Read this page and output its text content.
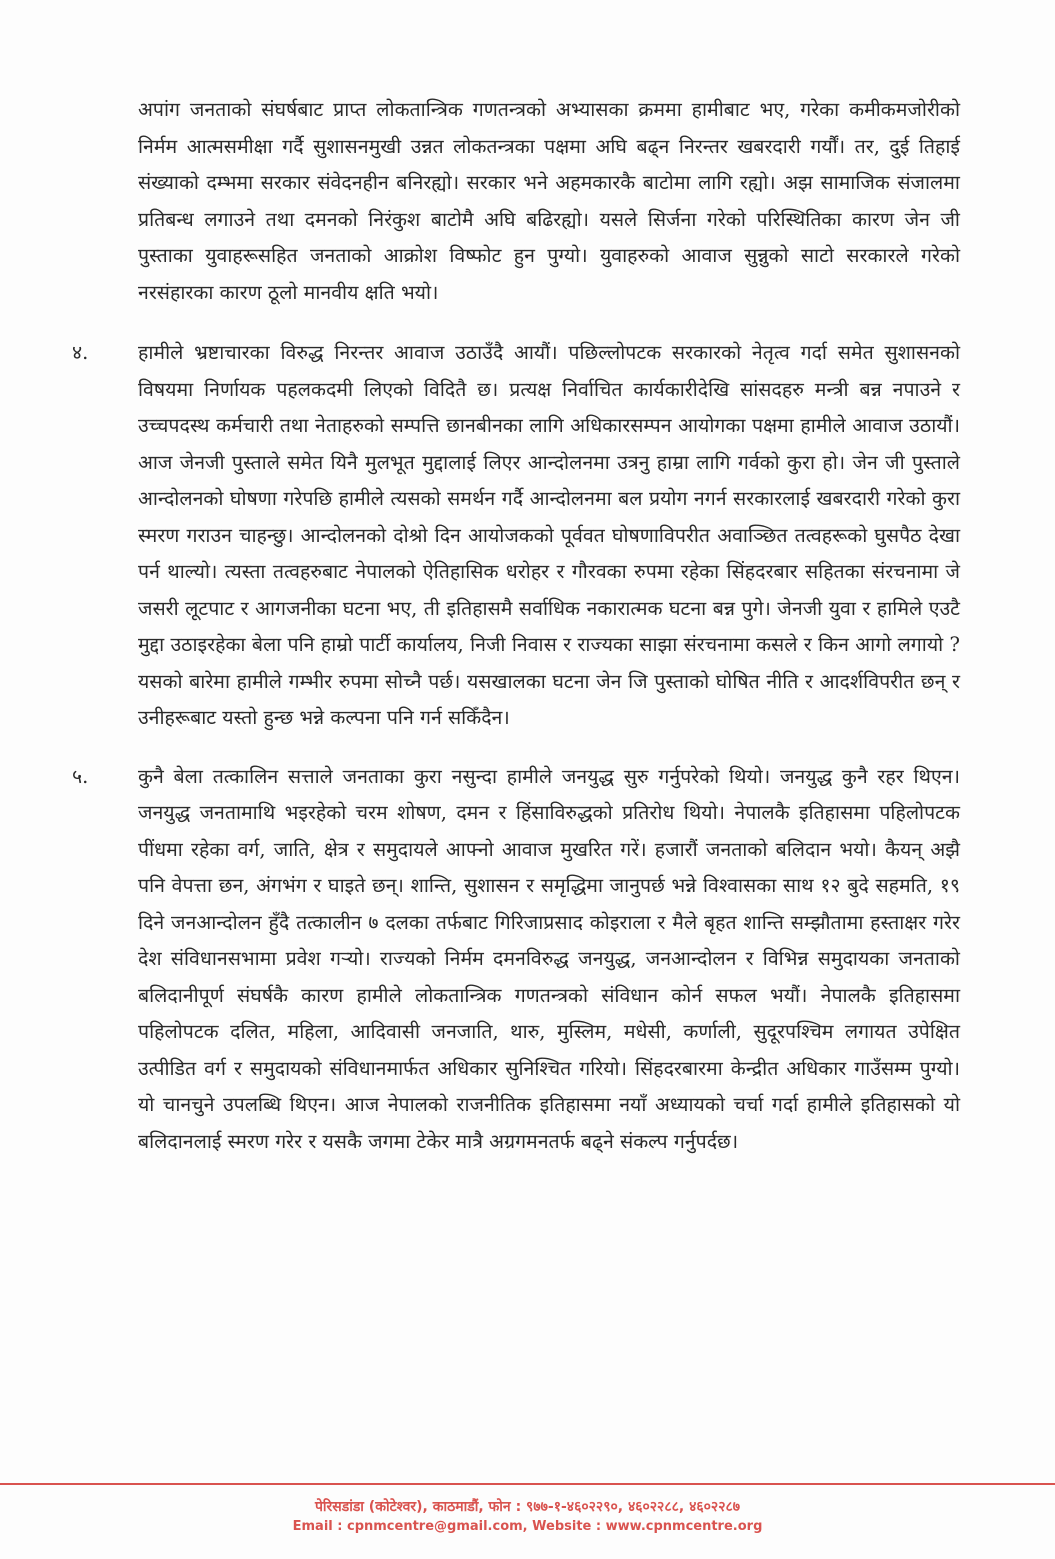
अपांग जनताको संघर्षबाट प्राप्त लोकतान्त्रिक गणतन्त्रको अभ्यासका क्रममा हामीबाट भए, गरेका कमीकमजोरीको निर्मम आत्मसमीक्षा गर्दै सुशासनमुखी उन्नत लोकतन्त्रका पक्षमा अघि बढ्न निरन्तर खबरदारी गर्यौं। तर, दुई तिहाई संख्याको दम्भमा सरकार संवेदनहीन बनिरह्यो। सरकार भने अहमकारकै बाटोमा लागि रह्यो। अझ सामाजिक संजालमा प्रतिबन्ध लगाउने तथा दमनको निरंकुश बाटोमै अघि बढिरह्यो। यसले सिर्जना गरेको परिस्थितिका कारण जेन जी पुस्ताका युवाहरूसहित जनताको आक्रोश विष्फोट हुन पुग्यो। युवाहरुको आवाज सुन्नुको साटो सरकारले गरेको नरसंहारका कारण ठूलो मानवीय क्षति भयो।
४.	हामीले भ्रष्टाचारका विरुद्ध निरन्तर आवाज उठाउँदै आयौं। पछिल्लोपटक सरकारको नेतृत्व गर्दा समेत सुशासनको विषयमा निर्णायक पहलकदमी लिएको विदितै छ। प्रत्यक्ष निर्वाचित कार्यकारीदेखि सांसदहरु मन्त्री बन्न नपाउने र उच्चपदस्थ कर्मचारी तथा नेताहरुको सम्पत्ति छानबीनका लागि अधिकारसम्पन आयोगका पक्षमा हामीले आवाज उठायौं। आज जेनजी पुस्ताले समेत यिनै मुलभूत मुद्दालाई लिएर आन्दोलनमा उत्रनु हाम्रा लागि गर्वको कुरा हो। जेन जी पुस्ताले आन्दोलनको घोषणा गरेपछि हामीले त्यसको समर्थन गर्दै आन्दोलनमा बल प्रयोग नगर्न सरकारलाई खबरदारी गरेको कुरा स्मरण गराउन चाहन्छु। आन्दोलनको दोश्रो दिन आयोजकको पूर्ववत घोषणाविपरीत अवाञ्छित तत्वहरूको घुसपैठ देखा पर्न थाल्यो। त्यस्ता तत्वहरुबाट नेपालको ऐतिहासिक धरोहर र गौरवका रुपमा रहेका सिंहदरबार सहितका संरचनामा जे जसरी लूटपाट र आगजनीका घटना भए, ती इतिहासमै सर्वाधिक नकारात्मक घटना बन्न पुगे। जेनजी युवा र हामिले एउटै मुद्दा उठाइरहेका बेला पनि हाम्रो पार्टी कार्यालय, निजी निवास र राज्यका साझा संरचनामा कसले र किन आगो लगायो ? यसको बारेमा हामीले गम्भीर रुपमा सोच्नै पर्छ। यसखालका घटना जेन जि पुस्ताको घोषित नीति र आदर्शविपरीत छन् र उनीहरूबाट यस्तो हुन्छ भन्ने कल्पना पनि गर्न सकिँदैन।
५.	कुनै बेला तत्कालिन सत्ताले जनताका कुरा नसुन्दा हामीले जनयुद्ध सुरु गर्नुपरेको थियो। जनयुद्ध कुनै रहर थिएन। जनयुद्ध जनतामाथि भइरहेको चरम शोषण, दमन र हिंसाविरुद्धको प्रतिरोध थियो। नेपालकै इतिहासमा पहिलोपटक पींधमा रहेका वर्ग, जाति, क्षेत्र र समुदायले आफ्नो आवाज मुखरित गरें। हजारौं जनताको बलिदान भयो। कैयन् अझै पनि वेपत्ता छन, अंगभंग र घाइते छन्। शान्ति, सुशासन र समृद्धिमा जानुपर्छ भन्ने विश्वासका साथ १२ बुदे सहमति, १९ दिने जनआन्दोलन हुँदै तत्कालीन ७ दलका तर्फबाट गिरिजाप्रसाद कोइराला र मैले बृहत शान्ति सम्झौतामा हस्ताक्षर गरेर देश संविधानसभामा प्रवेश गर्‍यो। राज्यको निर्मम दमनविरुद्ध जनयुद्ध, जनआन्दोलन र विभिन्न समुदायका जनताको बलिदानीपूर्ण संघर्षकै कारण हामीले लोकतान्त्रिक गणतन्त्रको संविधान कोर्न सफल भयौं। नेपालकै इतिहासमा पहिलोपटक दलित, महिला, आदिवासी जनजाति, थारु, मुस्लिम, मधेसी, कर्णाली, सुदूरपश्चिम लगायत उपेक्षित उत्पीडित वर्ग र समुदायको संविधानमार्फत अधिकार सुनिश्चित गरियो। सिंहदरबारमा केन्द्रीत अधिकार गाउँसम्म पुग्यो। यो चानचुने उपलब्धि थिएन। आज नेपालको राजनीतिक इतिहासमा नयाँ अध्यायको चर्चा गर्दा हामीले इतिहासको यो बलिदानलाई स्मरण गरेर र यसकै जगमा टेकेर मात्रै अग्रगमनतर्फ बढ्ने संकल्प गर्नुपर्दछ।
पेरिसडांडा (कोटेश्वर), काठमाडौं, फोन : ९७७-१-४६०२२९०, ४६०२२८८, ४६०२२८७
Email : cpnmcentre@gmail.com, Website : www.cpnmcentre.org
